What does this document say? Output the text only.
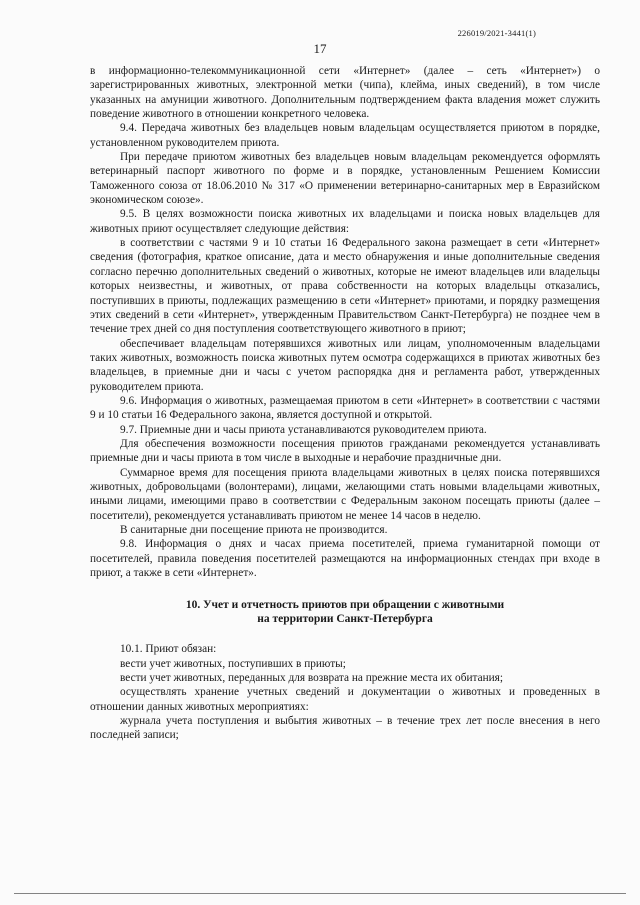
226019/2021-3441(1)
17

в информационно-телекоммуникационной сети «Интернет» (далее – сеть «Интернет») о зарегистрированных животных, электронной метки (чипа), клейма, иных сведений), в том числе указанных на амуниции животного. Дополнительным подтверждением факта владения может служить поведение животного в отношении конкретного человека.

9.4. Передача животных без владельцев новым владельцам осуществляется приютом в порядке, установленном руководителем приюта.

При передаче приютом животных без владельцев новым владельцам рекомендуется оформлять ветеринарный паспорт животного по форме и в порядке, установленным Решением Комиссии Таможенного союза от 18.06.2010 № 317 «О применении ветеринарно-санитарных мер в Евразийском экономическом союзе».

9.5. В целях возможности поиска животных их владельцами и поиска новых владельцев для животных приют осуществляет следующие действия:

в соответствии с частями 9 и 10 статьи 16 Федерального закона размещает в сети «Интернет» сведения (фотография, краткое описание, дата и место обнаружения и иные дополнительные сведения согласно перечню дополнительных сведений о животных, которые не имеют владельцев или владельцы которых неизвестны, и животных, от права собственности на которых владельцы отказались, поступивших в приюты, подлежащих размещению в сети «Интернет» приютами, и порядку размещения этих сведений в сети «Интернет», утвержденным Правительством Санкт-Петербурга) не позднее чем в течение трех дней со дня поступления соответствующего животного в приют;

обеспечивает владельцам потерявшихся животных или лицам, уполномоченным владельцами таких животных, возможность поиска животных путем осмотра содержащихся в приютах животных без владельцев, в приемные дни и часы с учетом распорядка дня и регламента работ, утвержденных руководителем приюта.

9.6. Информация о животных, размещаемая приютом в сети «Интернет» в соответствии с частями 9 и 10 статьи 16 Федерального закона, является доступной и открытой.

9.7. Приемные дни и часы приюта устанавливаются руководителем приюта.

Для обеспечения возможности посещения приютов гражданами рекомендуется устанавливать приемные дни и часы приюта в том числе в выходные и нерабочие праздничные дни.

Суммарное время для посещения приюта владельцами животных в целях поиска потерявшихся животных, добровольцами (волонтерами), лицами, желающими стать новыми владельцами животных, иными лицами, имеющими право в соответствии с Федеральным законом посещать приюты (далее – посетители), рекомендуется устанавливать приютом не менее 14 часов в неделю.

В санитарные дни посещение приюта не производится.

9.8. Информация о днях и часах приема посетителей, приема гуманитарной помощи от посетителей, правила поведения посетителей размещаются на информационных стендах при входе в приют, а также в сети «Интернет».

10. Учет и отчетность приютов при обращении с животными
на территории Санкт-Петербурга

10.1. Приют обязан:

вести учет животных, поступивших в приюты;

вести учет животных, переданных для возврата на прежние места их обитания;

осуществлять хранение учетных сведений и документации о животных и проведенных в отношении данных животных мероприятиях:

журнала учета поступления и выбытия животных – в течение трех лет после внесения в него последней записи;
